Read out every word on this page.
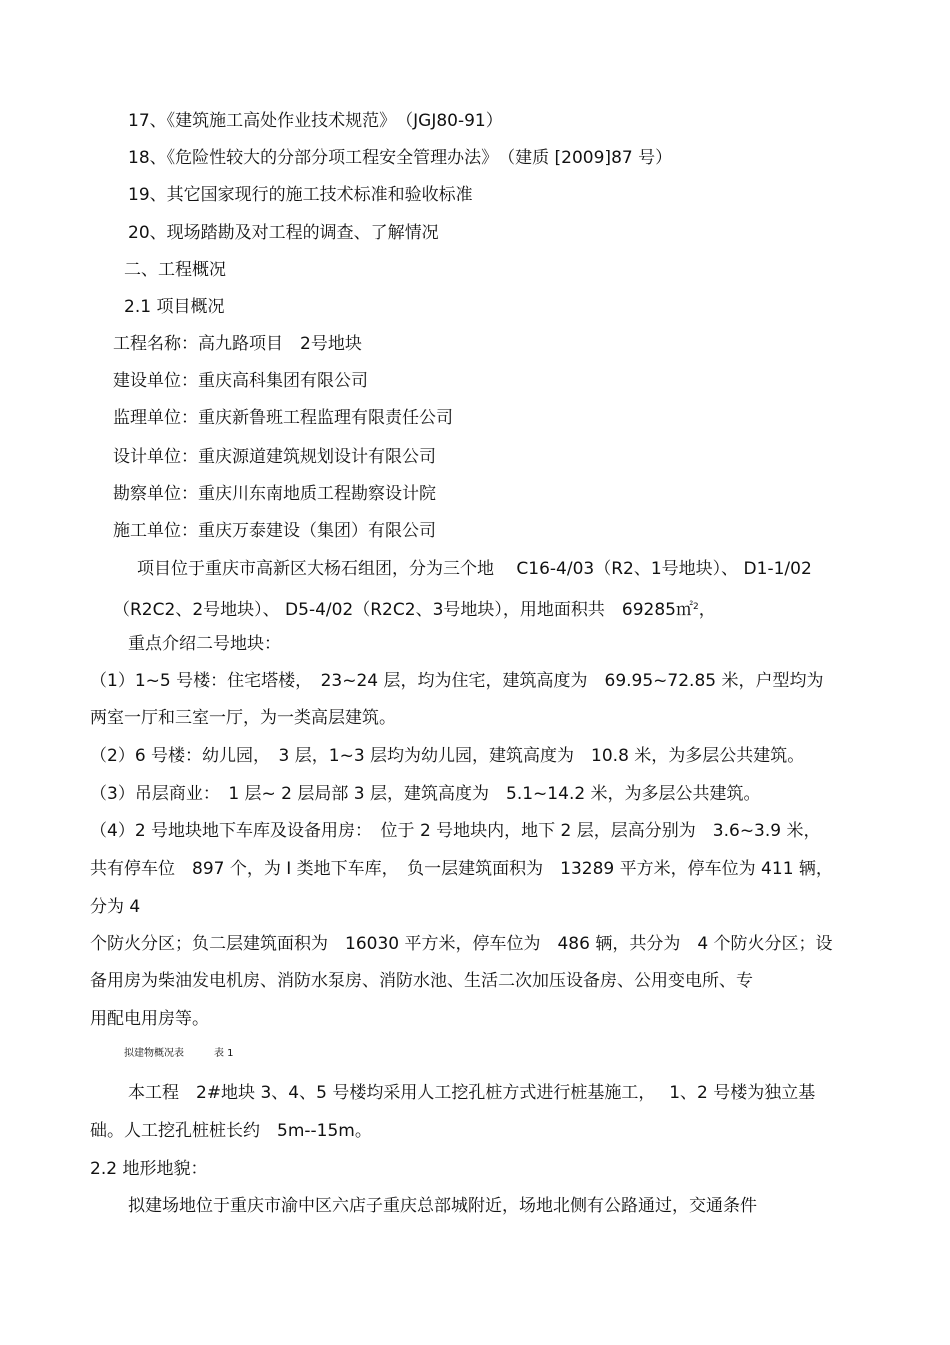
17、《建筑施工高处作业技术规范》　（JGJ80-91）
18、《危险性较大的分部分项工程安全管理办法》　（建质 [2009]87 号）
19、其它国家现行的施工技术标准和验收标准
20、现场踏勘及对工程的调查、了解情况
二、工程概况
2.1 项目概况
工程名称：高九路项目　2号地块
建设单位：重庆高科集团有限公司
监理单位：重庆新鲁班工程监理有限责任公司
设计单位：重庆源道建筑规划设计有限公司
勘察单位：重庆川东南地质工程勘察设计院
施工单位：重庆万泰建设（集团）有限公司
项目位于重庆市高新区大杨石组团，分为三个地　 C16-4/03（R2、1号地块）、 D1-1/02
（R2C2、2号地块）、 D5-4/02（R2C2、3号地块），用地面积共　69285㎡$^2$，
重点介绍二号地块：
（1）1~5 号楼：住宅塔楼，　23~24 层，均为住宅，建筑高度为　69.95~72.85 米，户型均为
两室一厅和三室一厅，为一类高层建筑。
（2）6 号楼：幼儿园，　3 层，1~3 层均为幼儿园，建筑高度为　10.8 米，为多层公共建筑。
（3）吊层商业：　1 层~ 2 层局部 3 层，建筑高度为　5.1~14.2 米，为多层公共建筑。
（4）2 号地块地下车库及设备用房：　位于 2 号地块内，地下 2 层，层高分别为　3.6~3.9 米，
共有停车位　897 个，为 Ⅰ 类地下车库，　负一层建筑面积为　13289 平方米，停车位为 411 辆，
分为 4
个防火分区；负二层建筑面积为　16030 平方米，停车位为　486 辆，共分为　4 个防火分区；设
备用房为柴油发电机房、消防水泵房、消防水池、生活二次加压设备房、公用变电所、专
用配电用房等。
拟建物概况表　　　表 1
本工程　2#地块 3、4、5 号楼均采用人工挖孔桩方式进行桩基施工，　 1、2 号楼为独立基
础。人工挖孔桩桩长约　5m--15m。
2.2 地形地貌：
拟建场地位于重庆市渝中区六店子重庆总部城附近，场地北侧有公路通过，交通条件
